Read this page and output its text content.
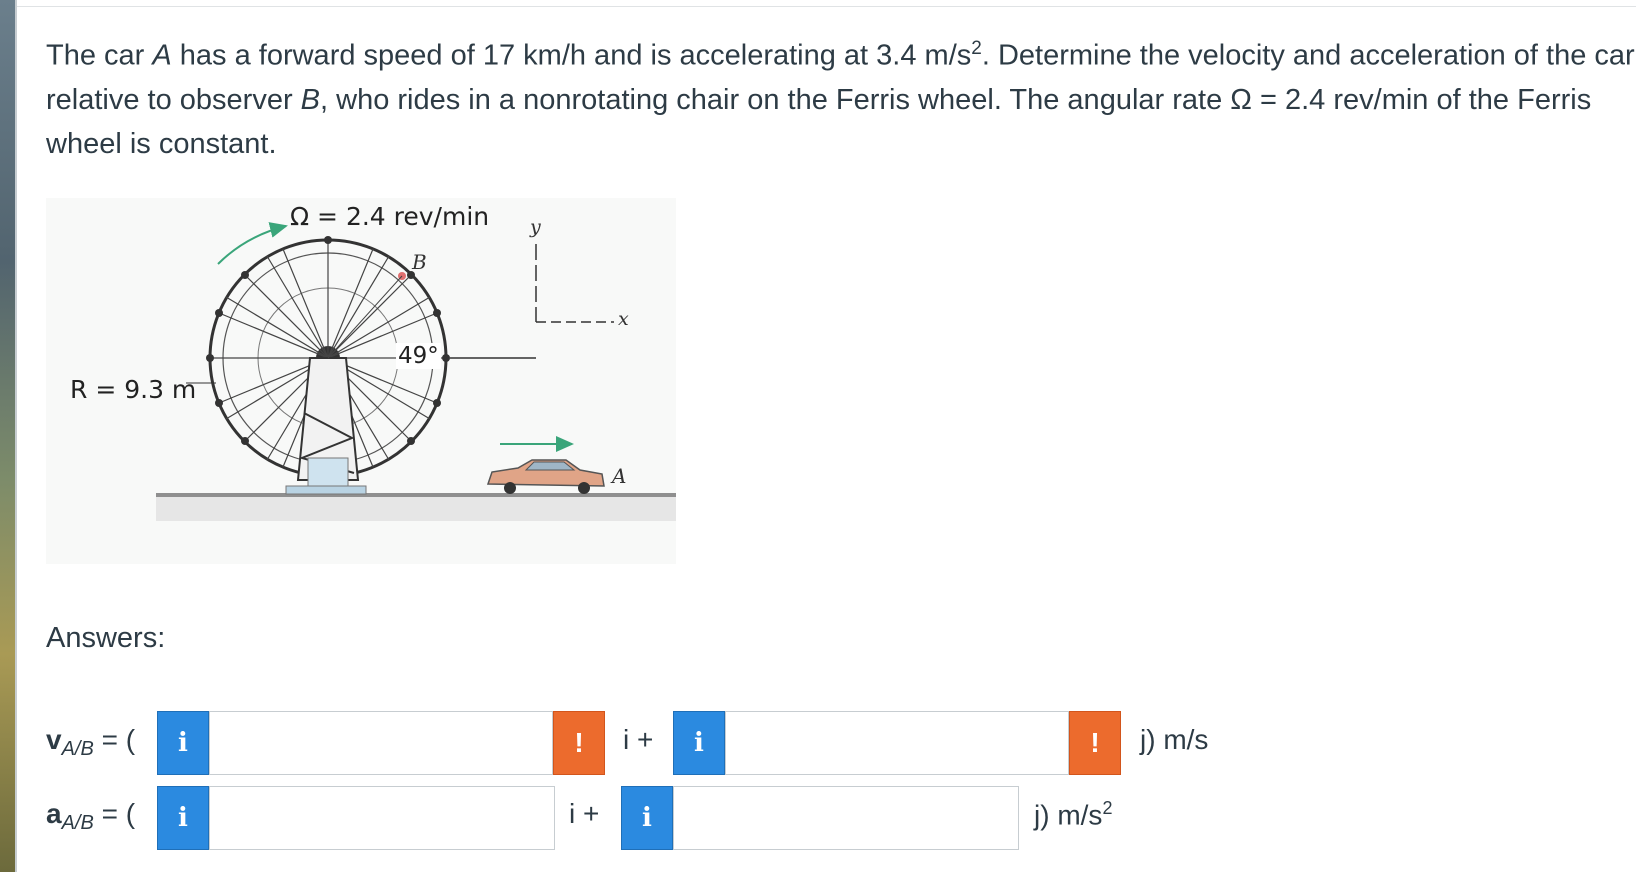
The car A has a forward speed of 17 km/h and is accelerating at 3.4 $m/s^2$. Determine the velocity and acceleration of the car relative to observer B, who rides in a nonrotating chair on the Ferris wheel. The angular rate Ω = 2.4 rev/min of the Ferris wheel is constant.

Ω = 2.4 rev/min
B
49°
R = 9.3 m
y
x
A
Answers:
$v_{A/B}$ = (	i	!	i +	i	!	j) m/s
$a_{A/B}$ = (	i	i +	i	j) $m/s^2$
